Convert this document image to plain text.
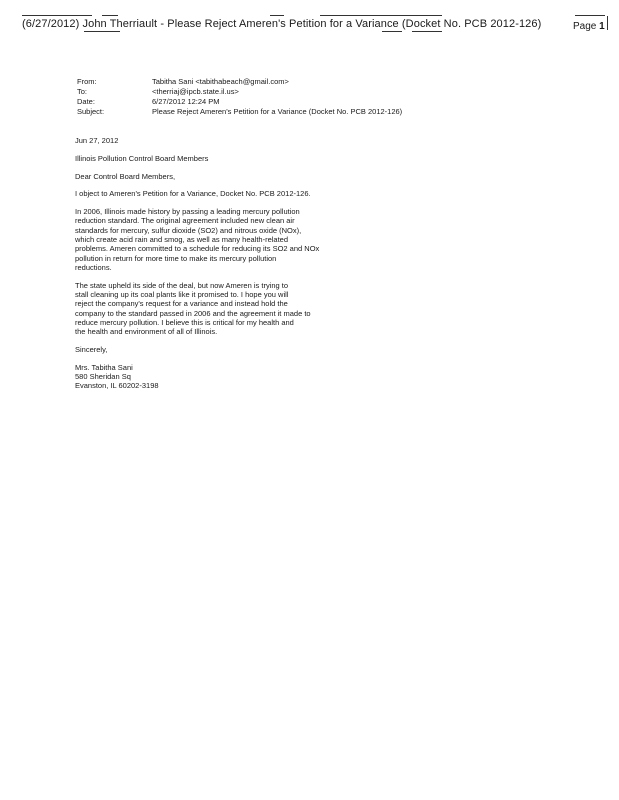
(6/27/2012) John Therriault - Please Reject Ameren's Petition for a Variance (Docket No. PCB 2012-126)	Page 1
From:	Tabitha Sani <tabithabeach@gmail.com>
To:	<therriaj@ipcb.state.il.us>
Date:	6/27/2012 12:24 PM
Subject:	Please Reject Ameren's Petition for a Variance (Docket No. PCB 2012-126)

Jun 27, 2012

Illinois Pollution Control Board Members

Dear Control Board Members,

I object to Ameren's Petition for a Variance, Docket No. PCB 2012-126.

In 2006, Illinois made history by passing a leading mercury pollution
reduction standard. The original agreement included new clean air
standards for mercury, sulfur dioxide (SO2) and nitrous oxide (NOx),
which create acid rain and smog, as well as many health-related
problems. Ameren committed to a schedule for reducing its SO2 and NOx
pollution in return for more time to make its mercury pollution
reductions.

The state upheld its side of the deal, but now Ameren is trying to
stall cleaning up its coal plants like it promised to. I hope you will
reject the company's request for a variance and instead hold the
company to the standard passed in 2006 and the agreement it made to
reduce mercury pollution. I believe this is critical for my health and
the health and environment of all of Illinois.

Sincerely,

Mrs. Tabitha Sani
580 Sheridan Sq
Evanston, IL 60202-3198
